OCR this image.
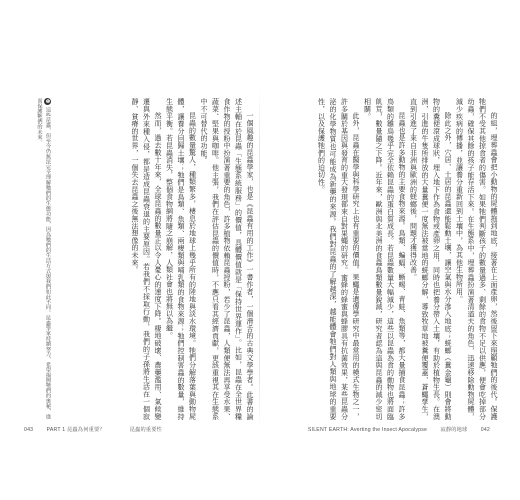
❶這些昆蟲，但至今仍無法完全理解牠們的生態功能，因為牠們的生活方式與我們如此不同。昆蟲學家持續努力，希望揭開牠們的奧秘，進而保護牠們的未來。	一個風趣的昆蟲學家，也是《昆蟲有用的工作》一書作者，一個滑舌的古典文學學者。此書的論述主軸在於昆蟲「生態系統服務」的價值，具體價值就是「保持世界運作」。比如，昆蟲在全世界糧食作物的授粉中扮演著重要的角色，許多植物依賴昆蟲授粉，若少了昆蟲，人類便無法再享受水果、蔬菜、堅果與咖啡。他主張，我們在評估昆蟲的價值時，不應只看其經濟貢獻，更該重視其在生態系中不可替代的功能。

昆蟲的數量驚人，種類繁多，棲息於地球上幾乎所有的陸地與淡水環境。牠們分解落葉與動物屍體，讓養分回歸土壤；牠們是鳥類、魚類、兩棲類與哺乳類的食物來源；牠們控制害蟲的數量，維持生態平衡。若昆蟲消失，整個食物網將隨之崩解，人類社會也將無以為繼。

然而，過去數十年來，全球昆蟲的數量正以令人憂心的速度下降。棲地破壞、農藥濫用、氣候變遷與外來種入侵，都是造成昆蟲衰退的主要原因。若我們不採取行動，我們的子孫將生活在一個寂靜、貧瘠的世界，一個失去昆蟲之後無法想像的未來。	的組，埋葬蟲會把小動物的屍體拖到地底，接著在上面產卵，然後留下來照顧牠們的後代。保護牠們不受其他掠食者的傷害。如果牠們判斷孩子的數量過多、剩餘的食物不足以供應，便會吃掉部分幼蟲，確保其餘的孩子能存活下來。在生態系中，埋葬蟲扮演著清道夫的角色，迅速移除動物屍體，減少疾病的傳播，並讓養分重新回到土壤中，為其他生物所用。

除此之外，穴居、土居的昆蟲還能鬆動土壤，讓空氣與水分滲入地底；蜣螂（糞金龜）則會將動物的糞便滾成球狀，埋入地下作為食物或產卵之用，同時也把養分帶入土壤，有助於植物生長。在澳洲，引進的牛隻所排放的大量糞便一度無法被當地的蜣螂分解，導致牧草地被糞便覆蓋、蒼蠅孳生，直到引進了來自非洲與歐洲的蜣螂後，問題才獲得改善。

昆蟲也是許多動物的主要食物來源。鳥類、蝙蝠、蜥蜴、青蛙、魚類等，都大量捕食昆蟲；許多鳥類的雛鳥幾乎完全依賴昆蟲的蛋白質成長。若昆蟲數量大幅減少，這些以昆蟲為食的動物也將面臨飢荒，數量隨之下降。近年來，歐洲與北美洲的食蟲鳥類數量銳減，研究者認為這與昆蟲的減少密切相關。

此外，昆蟲在醫學與科學研究上也有重要的價值。果蠅是遺傳學研究中最常用的模式生物之一，許多關於基因與發育的重大發現都來自對果蠅的研究。蜜蜂的蜂蜜與蜂膠具有抗菌效果，某些昆蟲分泌的化學物質也可能成為新藥的來源。我們對昆蟲的了解越深，越能體會牠們對人類與地球的重要性，以及保護牠們的迫切性。

043	PART 1 昆蟲為何重要？	昆蟲的重要性	SILENT EARTH: Averting the Insect Apocalypse	寂靜的地球	042
